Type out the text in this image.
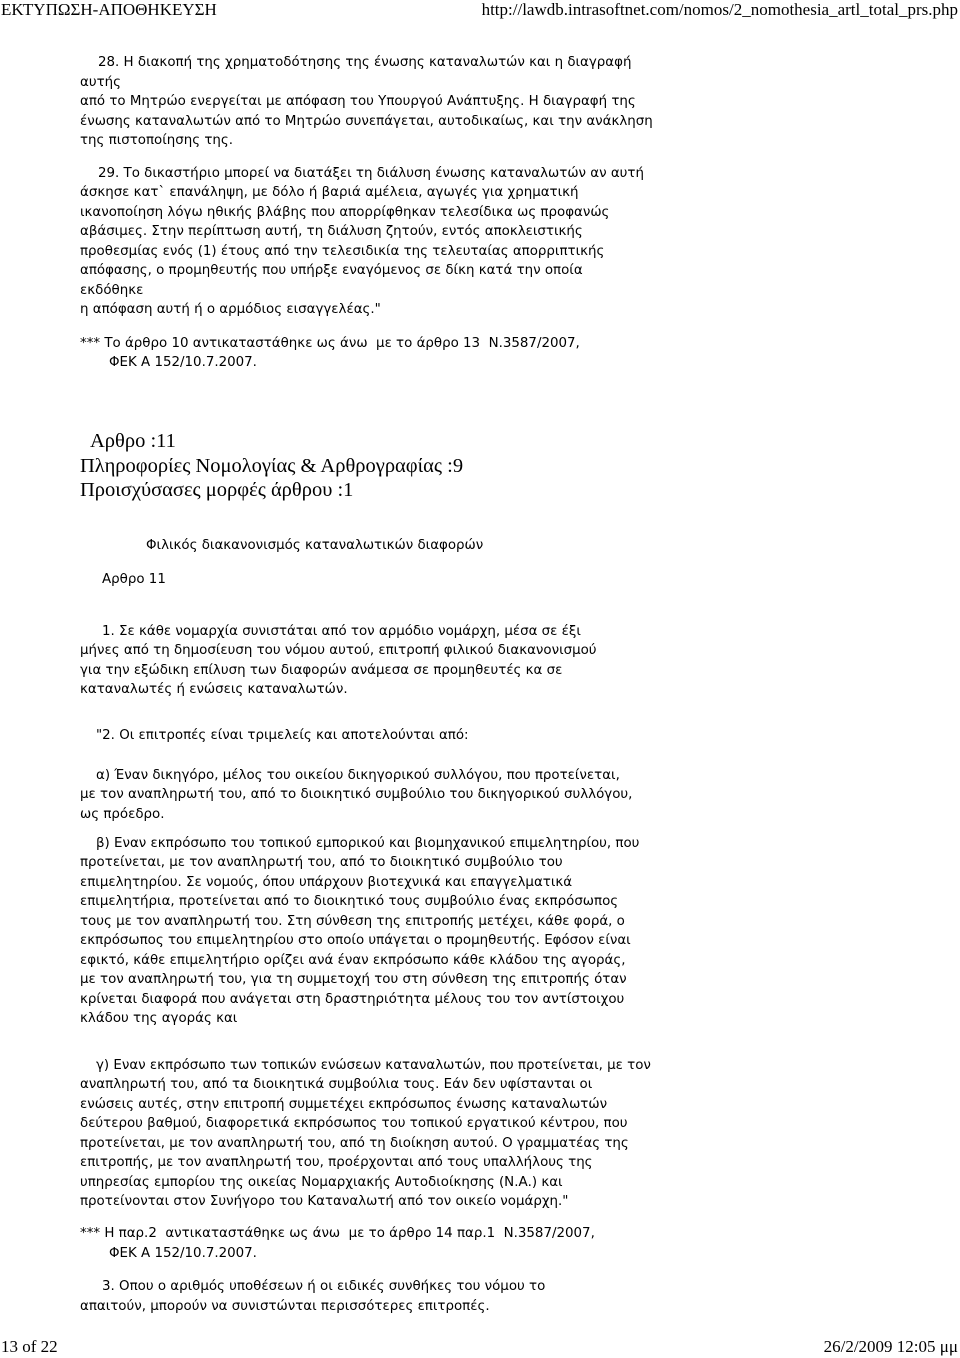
ΕΚΤΥΠΩΣΗ-ΑΠΟΘΗΚΕΥΣΗ	http://lawdb.intrasoftnet.com/nomos/2_nomothesia_artl_total_prs.php
28. Η διακοπή της χρηματοδότησης της ένωσης καταναλωτών και η διαγραφή
αυτής
από το Μητρώο ενεργείται με απόφαση του Υπουργού Ανάπτυξης. Η διαγραφή της
ένωσης καταναλωτών από το Μητρώο συνεπάγεται, αυτοδικαίως, και την ανάκληση
της πιστοποίησης της.
29. Το δικαστήριο μπορεί να διατάξει τη διάλυση ένωσης καταναλωτών αν αυτή
άσκησε κατ` επανάληψη, με δόλο ή βαριά αμέλεια, αγωγές για χρηματική
ικανοποίηση λόγω ηθικής βλάβης που απορρίφθηκαν τελεσίδικα ως προφανώς
αβάσιμες. Στην περίπτωση αυτή, τη διάλυση ζητούν, εντός αποκλειστικής
προθεσμίας ενός (1) έτους από την τελεσιδικία της τελευταίας απορριπτικής
απόφασης, ο προμηθευτής που υπήρξε εναγόμενος σε δίκη κατά την οποία
εκδόθηκε
η απόφαση αυτή ή ο αρμόδιος εισαγγελέας."
*** Το άρθρο 10 αντικαταστάθηκε ως άνω  με το άρθρο 13  Ν.3587/2007,
ΦΕΚ Α 152/10.7.2007.
Αρθρο :11
Πληροφορίες Νομολογίας & Αρθρογραφίας :9
Προισχύσασες μορφές άρθρου :1
Φιλικός διακανονισμός καταναλωτικών διαφορών
Αρθρο 11
1. Σε κάθε νομαρχία συνιστάται από τον αρμόδιο νομάρχη, μέσα σε έξι
μήνες από τη δημοσίευση του νόμου αυτού, επιτροπή φιλικού διακανονισμού
για την εξώδικη επίλυση των διαφορών ανάμεσα σε προμηθευτές κα σε
καταναλωτές ή ενώσεις καταναλωτών.
"2. Οι επιτροπές είναι τριμελείς και αποτελούνται από:
α) Έναν δικηγόρο, μέλος του οικείου δικηγορικού συλλόγου, που προτείνεται,
με τον αναπληρωτή του, από το διοικητικό συμβούλιο του δικηγορικού συλλόγου,
ως πρόεδρο.
β) Εναν εκπρόσωπο του τοπικού εμπορικού και βιομηχανικού επιμελητηρίου, που
προτείνεται, με τον αναπληρωτή του, από το διοικητικό συμβούλιο του
επιμελητηρίου. Σε νομούς, όπου υπάρχουν βιοτεχνικά και επαγγελματικά
επιμελητήρια, προτείνεται από το διοικητικό τους συμβούλιο ένας εκπρόσωπος
τους με τον αναπληρωτή του. Στη σύνθεση της επιτροπής μετέχει, κάθε φορά, ο
εκπρόσωπος του επιμελητηρίου στο οποίο υπάγεται ο προμηθευτής. Εφόσον είναι
εφικτό, κάθε επιμελητήριο ορίζει ανά έναν εκπρόσωπο κάθε κλάδου της αγοράς,
με τον αναπληρωτή του, για τη συμμετοχή του στη σύνθεση της επιτροπής όταν
κρίνεται διαφορά που ανάγεται στη δραστηριότητα μέλους του τον αντίστοιχου
κλάδου της αγοράς και
γ) Εναν εκπρόσωπο των τοπικών ενώσεων καταναλωτών, που προτείνεται, με τον
αναπληρωτή του, από τα διοικητικά συμβούλια τους. Εάν δεν υφίστανται οι
ενώσεις αυτές, στην επιτροπή συμμετέχει εκπρόσωπος ένωσης καταναλωτών
δεύτερου βαθμού, διαφορετικά εκπρόσωπος του τοπικού εργατικού κέντρου, που
προτείνεται, με τον αναπληρωτή του, από τη διοίκηση αυτού. Ο γραμματέας της
επιτροπής, με τον αναπληρωτή του, προέρχονται από τους υπαλλήλους της
υπηρεσίας εμπορίου της οικείας Νομαρχιακής Αυτοδιοίκησης (Ν.Α.) και
προτείνονται στον Συνήγορο του Καταναλωτή από τον οικείο νομάρχη."
*** Η παρ.2  αντικαταστάθηκε ως άνω  με το άρθρο 14 παρ.1  Ν.3587/2007,
ΦΕΚ Α 152/10.7.2007.
3. Οπου ο αριθμός υποθέσεων ή οι ειδικές συνθήκες του νόμου το
απαιτούν, μπορούν να συνιστώνται περισσότερες επιτροπές.
13 of 22	26/2/2009 12:05 μμ
